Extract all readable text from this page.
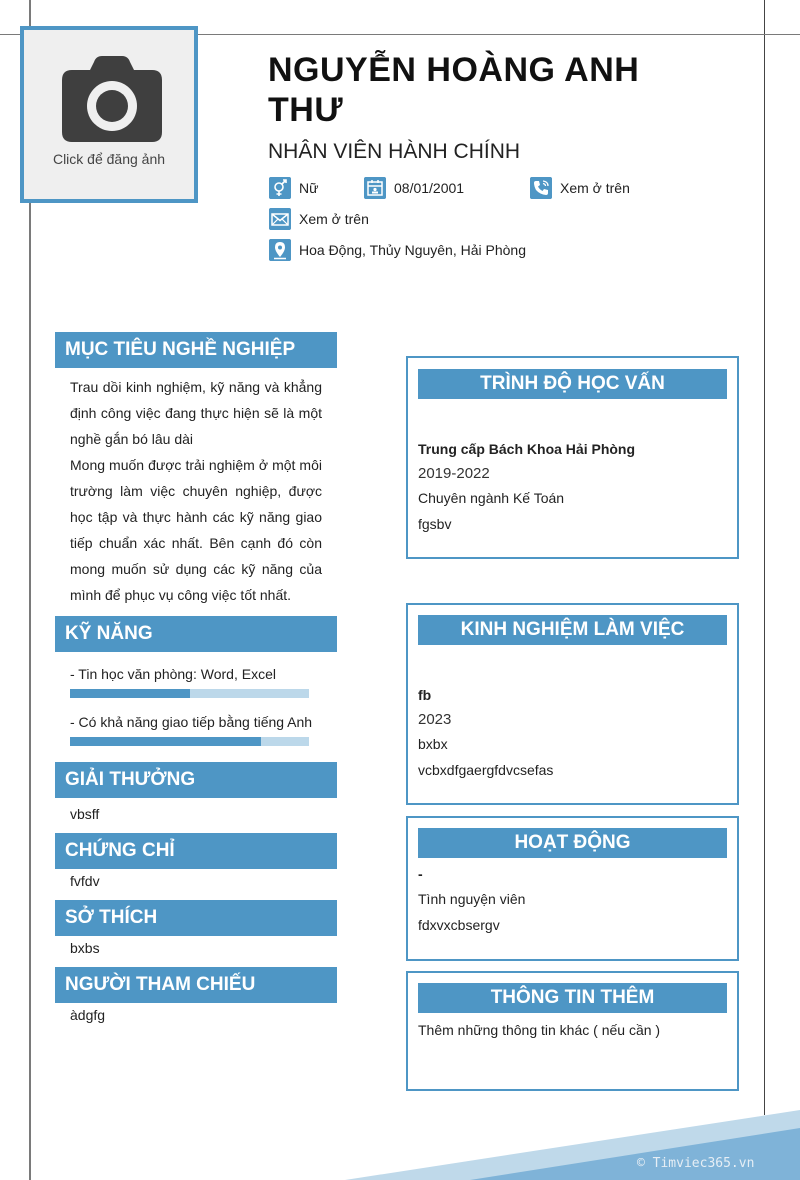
Click để đăng ảnh
NGUYỄN HOÀNG ANH THƯ
NHÂN VIÊN HÀNH CHÍNH
Nữ	08/01/2001	Xem ở trên
Xem ở trên
Hoa Động, Thủy Nguyên, Hải Phòng
MỤC TIÊU NGHỀ NGHIỆP

Trau dồi kinh nghiệm, kỹ năng và khẳng định công việc đang thực hiện sẽ là một nghề gắn bó lâu dài

Mong muốn được trải nghiệm ở một môi trường làm việc chuyên nghiệp, được học tập và thực hành các kỹ năng giao tiếp chuẩn xác nhất. Bên cạnh đó còn mong muốn sử dụng các kỹ năng của mình để phục vụ công việc tốt nhất.

KỸ NĂNG
- Tin học văn phòng: Word, Excel
- Có khả năng giao tiếp bằng tiếng Anh
GIẢI THƯỞNG
vbsff
CHỨNG CHỈ
fvfdv
SỞ THÍCH
bxbs
NGƯỜI THAM CHIẾU
àdgfg
TRÌNH ĐỘ HỌC VẤN
Trung cấp Bách Khoa Hải Phòng
2019-2022
Chuyên ngành Kế Toán
fgsbv
KINH NGHIỆM LÀM VIỆC
fb
2023
bxbx
vcbxdfgaergfdvcsefas
HOẠT ĐỘNG
-
Tình nguyện viên
fdxvxcbsergv
THÔNG TIN THÊM
Thêm những thông tin khác ( nếu cần )
© Timviec365.vn
